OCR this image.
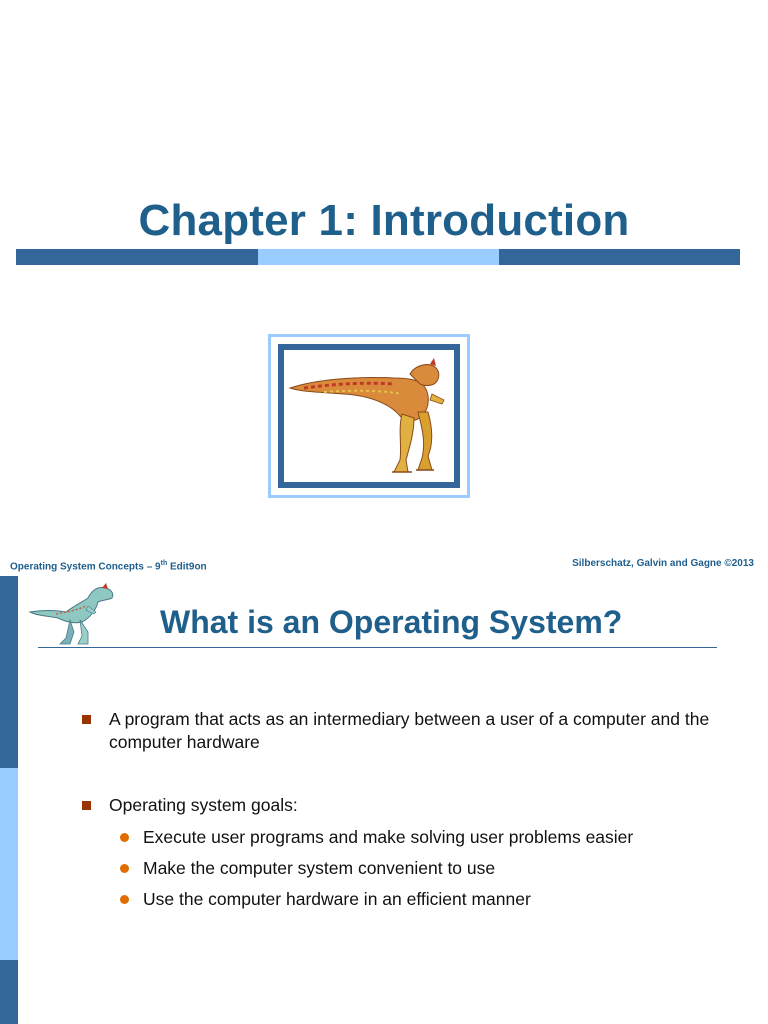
Chapter 1: Introduction
Operating System Concepts – 9th Edit9on	Silberschatz, Galvin and Gagne ©2013
What is an Operating System?
A program that acts as an intermediary between a user of a computer and the computer hardware
Operating system goals:
Execute user programs and make solving user problems easier
Make the computer system convenient to use
Use the computer hardware in an efficient manner
